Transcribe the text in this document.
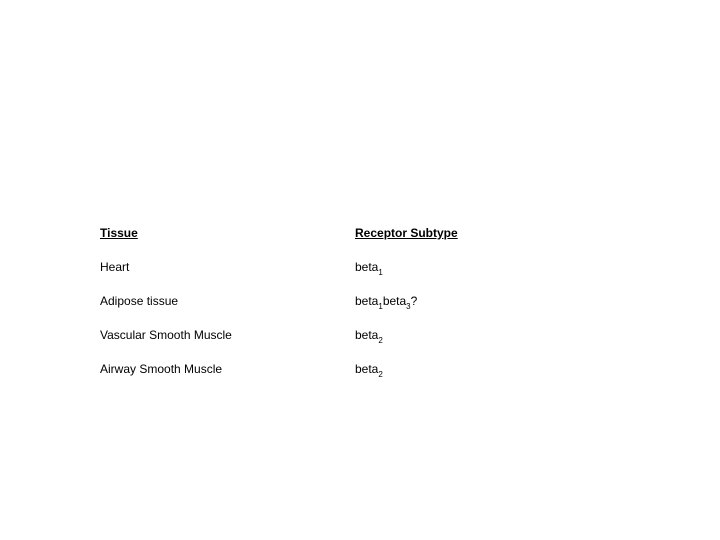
Tissue	Receptor Subtype
Heart	beta$_1$
Adipose tissue	beta$_1$beta$_3$?
Vascular Smooth Muscle	beta$_2$
Airway Smooth Muscle	beta$_2$
